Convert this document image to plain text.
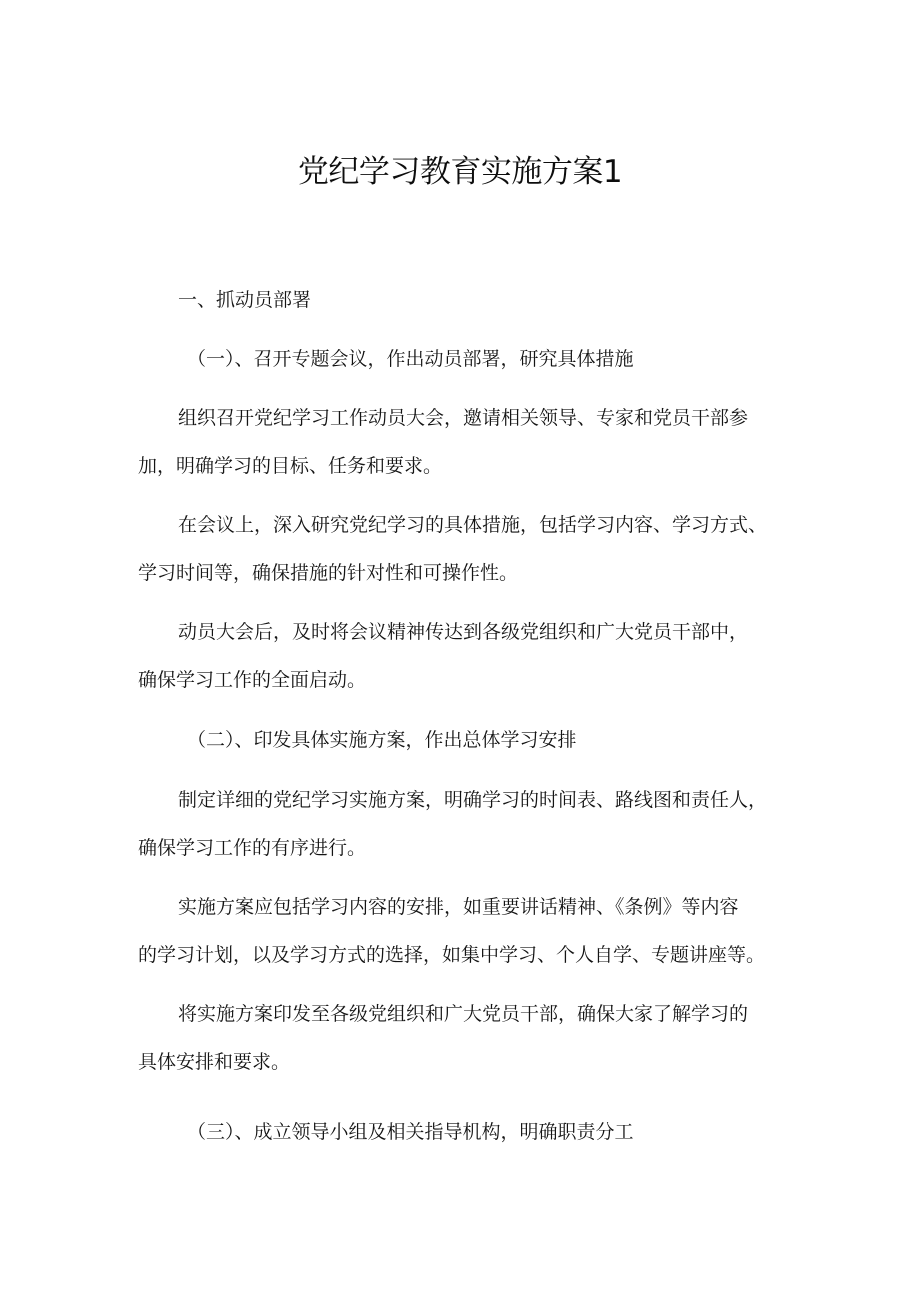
党纪学习教育实施方案1
一、抓动员部署
（一）、召开专题会议，作出动员部署，研究具体措施
组织召开党纪学习工作动员大会，邀请相关领导、专家和党员干部参
加，明确学习的目标、任务和要求。
在会议上，深入研究党纪学习的具体措施，包括学习内容、学习方式、
学习时间等，确保措施的针对性和可操作性。
动员大会后，及时将会议精神传达到各级党组织和广大党员干部中，
确保学习工作的全面启动。
（二）、印发具体实施方案，作出总体学习安排
制定详细的党纪学习实施方案，明确学习的时间表、路线图和责任人，
确保学习工作的有序进行。
实施方案应包括学习内容的安排，如重要讲话精神、《条例》等内容
的学习计划，以及学习方式的选择，如集中学习、个人自学、专题讲座等。
将实施方案印发至各级党组织和广大党员干部，确保大家了解学习的
具体安排和要求。
（三）、成立领导小组及相关指导机构，明确职责分工
